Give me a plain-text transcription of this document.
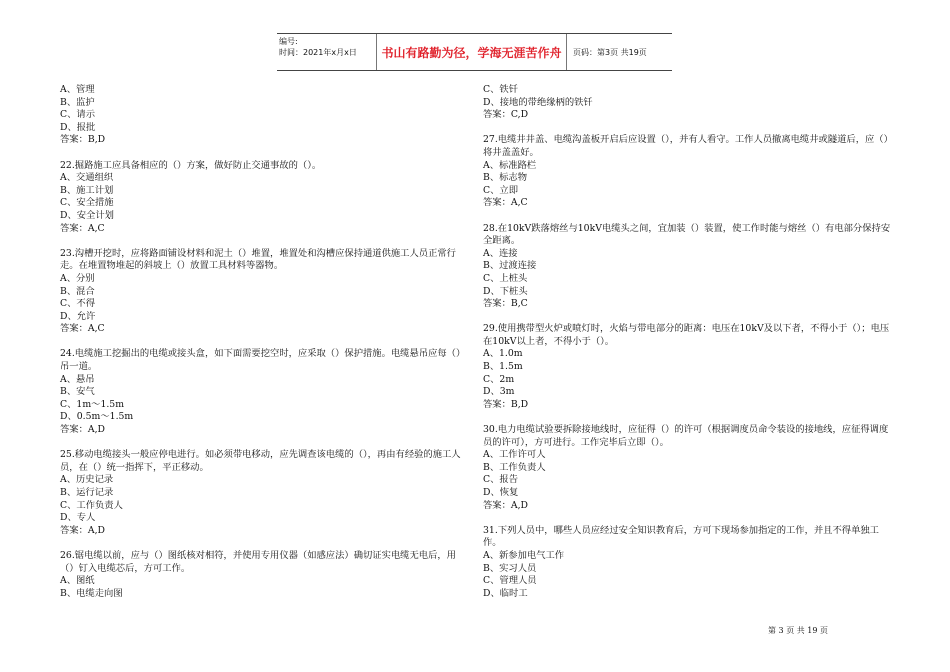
编号:
时间：2021年x月x日	书山有路勤为径，学海无涯苦作舟	页码：第3页 共19页
A、管理
B、监护
C、请示
D、报批
答案：B,D
22.掘路施工应具备相应的（）方案，做好防止交通事故的（）。
A、交通组织
B、施工计划
C、安全措施
D、安全计划
答案：A,C
23.沟槽开挖时，应将路面铺设材料和泥土（）堆置，堆置处和沟槽应保持通道供施工人员正常行走。在堆置物堆起的斜坡上（）放置工具材料等器物。
A、分别
B、混合
C、不得
D、允许
答案：A,C
24.电缆施工挖掘出的电缆或接头盒，如下面需要挖空时，应采取（）保护措施。电缆悬吊应每（）吊一道。
A、悬吊
B、安气
C、1m～1.5m
D、0.5m～1.5m
答案：A,D
25.移动电缆接头一般应停电进行。如必须带电移动，应先调查该电缆的（），再由有经验的施工人员，在（）统一指挥下，平正移动。
A、历史记录
B、运行记录
C、工作负责人
D、专人
答案：A,D
26.锯电缆以前，应与（）图纸核对相符，并使用专用仪器（如感应法）确切证实电缆无电后，用（）钉入电缆芯后，方可工作。
A、图纸
B、电缆走向图
C、铁钎
D、接地的带绝缘柄的铁钎
答案：C,D
27.电缆井井盖、电缆沟盖板开启后应设置（），并有人看守。工作人员撤离电缆井或隧道后，应（）将井盖盖好。
A、标准路栏
B、标志物
C、立即
答案：A,C
28.在10kV跌落熔丝与10kV电缆头之间，宜加装（）装置，使工作时能与熔丝（）有电部分保持安全距离。
A、连接
B、过渡连接
C、上桩头
D、下桩头
答案：B,C
29.使用携带型火炉或喷灯时，火焰与带电部分的距离：电压在10kV及以下者，不得小于（）；电压在10kV以上者，不得小于（）。
A、1.0m
B、1.5m
C、2m
D、3m
答案：B,D
30.电力电缆试验要拆除接地线时，应征得（）的许可（根据调度员命令装设的接地线，应征得调度员的许可），方可进行。工作完毕后立即（）。
A、工作许可人
B、工作负责人
C、报告
D、恢复
答案：A,D
31.下列人员中，哪些人员应经过安全知识教育后，方可下现场参加指定的工作，并且不得单独工作。
A、新参加电气工作
B、实习人员
C、管理人员
D、临时工
第 3 页 共 19 页
